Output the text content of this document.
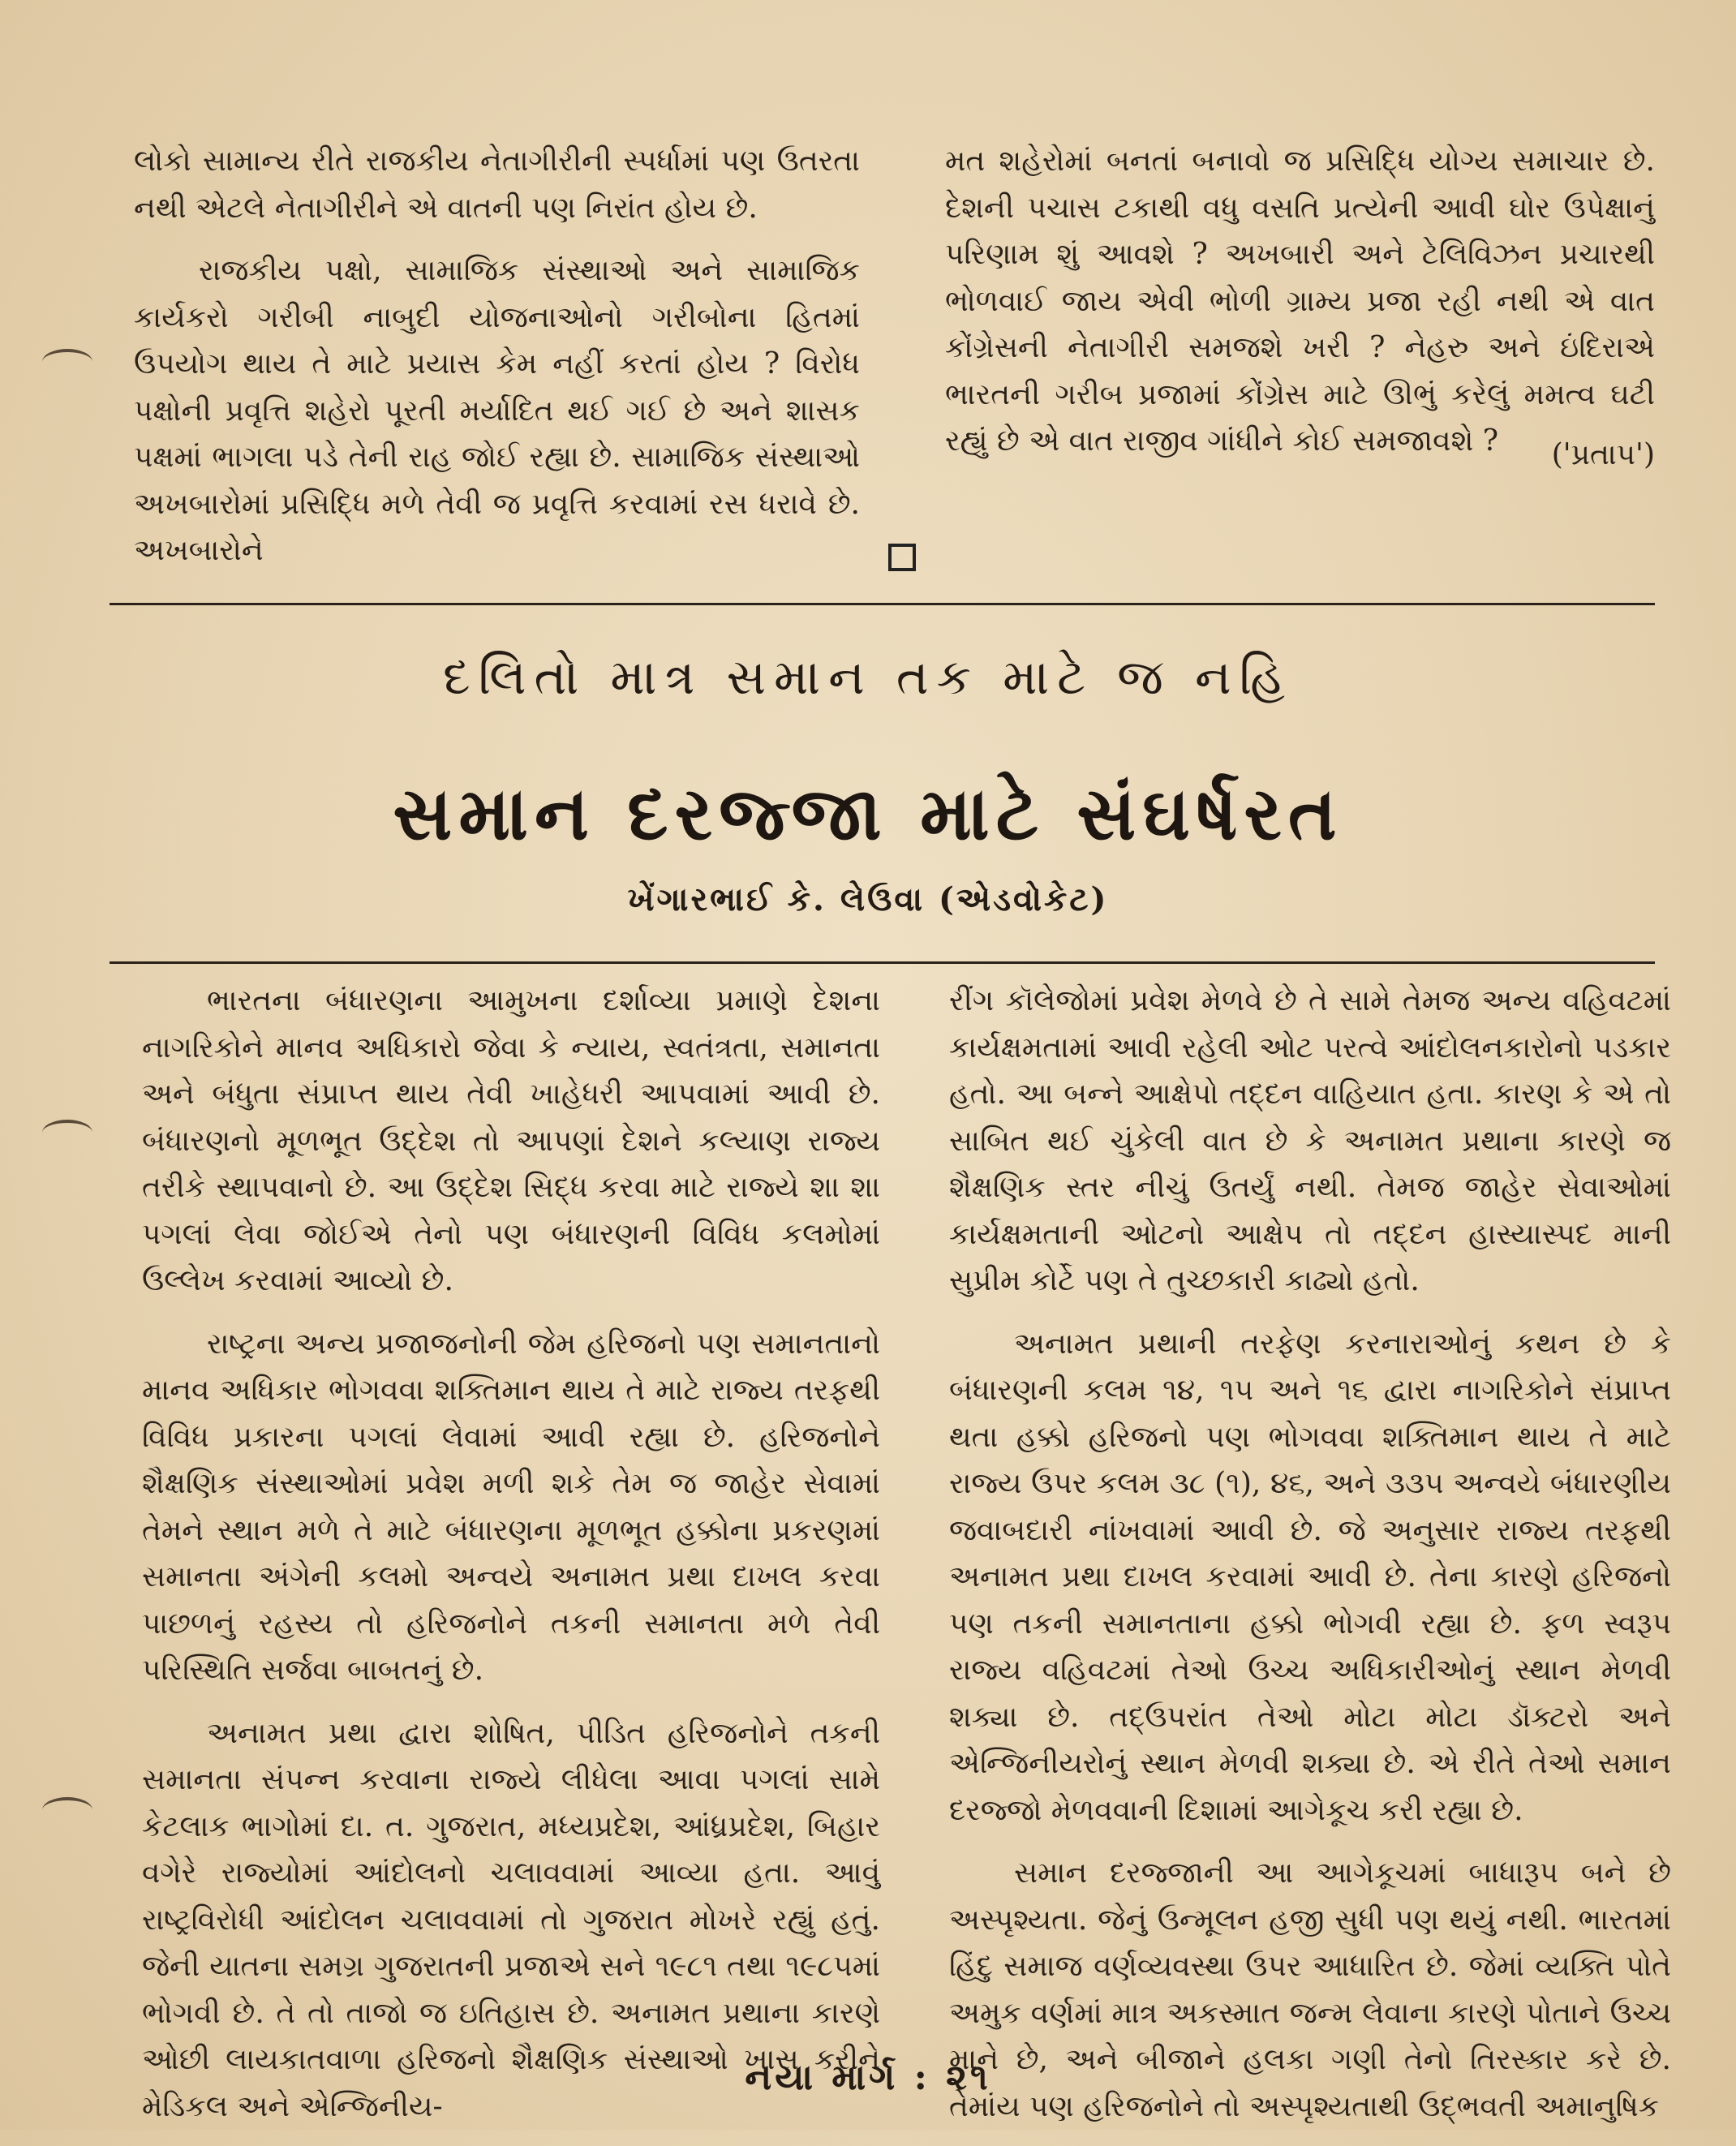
લોકો સામાન્ય રીતે રાજકીય નેતાગીરીની સ્પર્ધામાં પણ ઉતરતા નથી એટલે નેતાગીરીને એ વાતની પણ નિરાંત હોય છે.

રાજકીય પક્ષો, સામાજિક સંસ્થાઓ અને સામાજિક કાર્યકરો ગરીબી નાબુદી યોજનાઓનો ગરીબોના હિતમાં ઉપયોગ થાય તે માટે પ્રયાસ કેમ નહીં કરતાં હોય ? વિરોધ પક્ષોની પ્રવૃત્તિ શહેરો પૂરતી મર્યાદિત થઈ ગઈ છે અને શાસક પક્ષમાં ભાગલા પડે તેની રાહ જોઈ રહ્યા છે. સામાજિક સંસ્થાઓ અખબારોમાં પ્રસિદ્ધિ મળે તેવી જ પ્રવૃત્તિ કરવામાં રસ ધરાવે છે. અખબારોને

મત શહેરોમાં બનતાં બનાવો જ પ્રસિદ્ધિ યોગ્ય સમાચાર છે. દેશની પચાસ ટકાથી વધુ વસતિ પ્રત્યેની આવી ઘોર ઉપેક્ષાનું પરિણામ શું આવશે ? અખબારી અને ટેલિવિઝન પ્રચારથી ભોળવાઈ જાય એવી ભોળી ગ્રામ્ય પ્રજા રહી નથી એ વાત કોંગ્રેસની નેતાગીરી સમજશે ખરી ? નેહરુ અને ઇંદિરાએ ભારતની ગરીબ પ્રજામાં કોંગ્રેસ માટે ઊભું કરેલું મમત્વ ઘટી રહ્યું છે એ વાત રાજીવ ગાંધીને કોઈ સમજાવશે ?	('પ્રતાપ')
દલિતો માત્ર સમાન તક માટે જ નહિ
સમાન દરજ્જા માટે સંઘર્ષરત
ખેંગારભાઈ કે. લેઉવા (એડવોકેટ)

ભારતના બંધારણના આમુખના દર્શાવ્યા પ્રમાણે દેશના નાગરિકોને માનવ અધિકારો જેવા કે ન્યાય, સ્વતંત્રતા, સમાનતા અને બંધુતા સંપ્રાપ્ત થાય તેવી ખાહેધરી આપવામાં આવી છે. બંધારણનો મૂળભૂત ઉદ્દેશ તો આપણાં દેશને કલ્યાણ રાજ્ય તરીકે સ્થાપવાનો છે. આ ઉદ્દેશ સિદ્ધ કરવા માટે રાજ્યે શા શા પગલાં લેવા જોઈએ તેનો પણ બંધારણની વિવિધ કલમોમાં ઉલ્લેખ કરવામાં આવ્યો છે.

રાષ્ટ્રના અન્ય પ્રજાજનોની જેમ હરિજનો પણ સમાનતાનો માનવ અધિકાર ભોગવવા શક્તિમાન થાય તે માટે રાજ્ય તરફથી વિવિધ પ્રકારના પગલાં લેવામાં આવી રહ્યા છે. હરિજનોને શૈક્ષણિક સંસ્થાઓમાં પ્રવેશ મળી શકે તેમ જ જાહેર સેવામાં તેમને સ્થાન મળે તે માટે બંધારણના મૂળભૂત હક્કોના પ્રકરણમાં સમાનતા અંગેની કલમો અન્વયે અનામત પ્રથા દાખલ કરવા પાછળનું રહસ્ય તો હરિજનોને તકની સમાનતા મળે તેવી પરિસ્થિતિ સર્જવા બાબતનું છે.

અનામત પ્રથા દ્વારા શોષિત, પીડિત હરિજનોને તકની સમાનતા સંપન્ન કરવાના રાજ્યે લીધેલા આવા પગલાં સામે કેટલાક ભાગોમાં દા. ત. ગુજરાત, મધ્યપ્રદેશ, આંધ્રપ્રદેશ, બિહાર વગેરે રાજ્યોમાં આંદોલનો ચલાવવામાં આવ્યા હતા. આવું રાષ્ટ્રવિરોધી આંદોલન ચલાવવામાં તો ગુજરાત મોખરે રહ્યું હતું. જેની યાતના સમગ્ર ગુજરાતની પ્રજાએ સને ૧૯૮૧ તથા ૧૯૮૫માં ભોગવી છે. તે તો તાજો જ ઇતિહાસ છે. અનામત પ્રથાના કારણે ઓછી લાયકાતવાળા હરિજનો શૈક્ષણિક સંસ્થાઓ ખાસ કરીને મેડિકલ અને એન્જિનીય-

રીંગ કૉલેજોમાં પ્રવેશ મેળવે છે તે સામે તેમજ અન્ય વહિવટમાં કાર્યક્ષમતામાં આવી રહેલી ઓટ પરત્વે આંદોલનકારોનો પડકાર હતો. આ બન્ને આક્ષેપો તદ્દન વાહિયાત હતા. કારણ કે એ તો સાબિત થઈ ચુંકેલી વાત છે કે અનામત પ્રથાના કારણે જ શૈક્ષણિક સ્તર નીચું ઉતર્યું નથી. તેમજ જાહેર સેવાઓમાં કાર્યક્ષમતાની ઓટનો આક્ષેપ તો તદ્દન હાસ્યાસ્પદ માની સુપ્રીમ કોર્ટે પણ તે તુચ્છકારી કાઢ્યો હતો.

અનામત પ્રથાની તરફેણ કરનારાઓનું કથન છે કે બંધારણની કલમ ૧૪, ૧૫ અને ૧૬ દ્વારા નાગરિકોને સંપ્રાપ્ત થતા હક્કો હરિજનો પણ ભોગવવા શક્તિમાન થાય તે માટે રાજ્ય ઉપર કલમ ૩૮ (૧), ૪૬, અને ૩૩૫ અન્વયે બંધારણીય જવાબદારી નાંખવામાં આવી છે. જે અનુસાર રાજ્ય તરફથી અનામત પ્રથા દાખલ કરવામાં આવી છે. તેના કારણે હરિજનો પણ તકની સમાનતાના હક્કો ભોગવી રહ્યા છે. ફળ સ્વરૂપ રાજ્ય વહિવટમાં તેઓ ઉચ્ચ અધિકારીઓનું સ્થાન મેળવી શક્યા છે. તદ્ઉપરાંત તેઓ મોટા મોટા ડૉક્ટરો અને એન્જિનીયરોનું સ્થાન મેળવી શક્યા છે. એ રીતે તેઓ સમાન દરજ્જો મેળવવાની દિશામાં આગેકૂચ કરી રહ્યા છે.

સમાન દરજ્જાની આ આગેકૂચમાં બાધારૂપ બને છે અસ્પૃશ્યતા. જેનું ઉન્મૂલન હજી સુધી પણ થયું નથી. ભારતમાં હિંદુ સમાજ વર્ણવ્યવસ્થા ઉપર આધારિત છે. જેમાં વ્યક્તિ પોતે અમુક વર્ણમાં માત્ર અકસ્માત જન્મ લેવાના કારણે પોતાને ઉચ્ચ માને છે, અને બીજાને હલકા ગણી તેનો તિરસ્કાર કરે છે. તેમાંય પણ હરિજનોને તો અસ્પૃશ્યતાથી ઉદ્ભવતી અમાનુષિક

નયા માર્ગ : ૨૧
